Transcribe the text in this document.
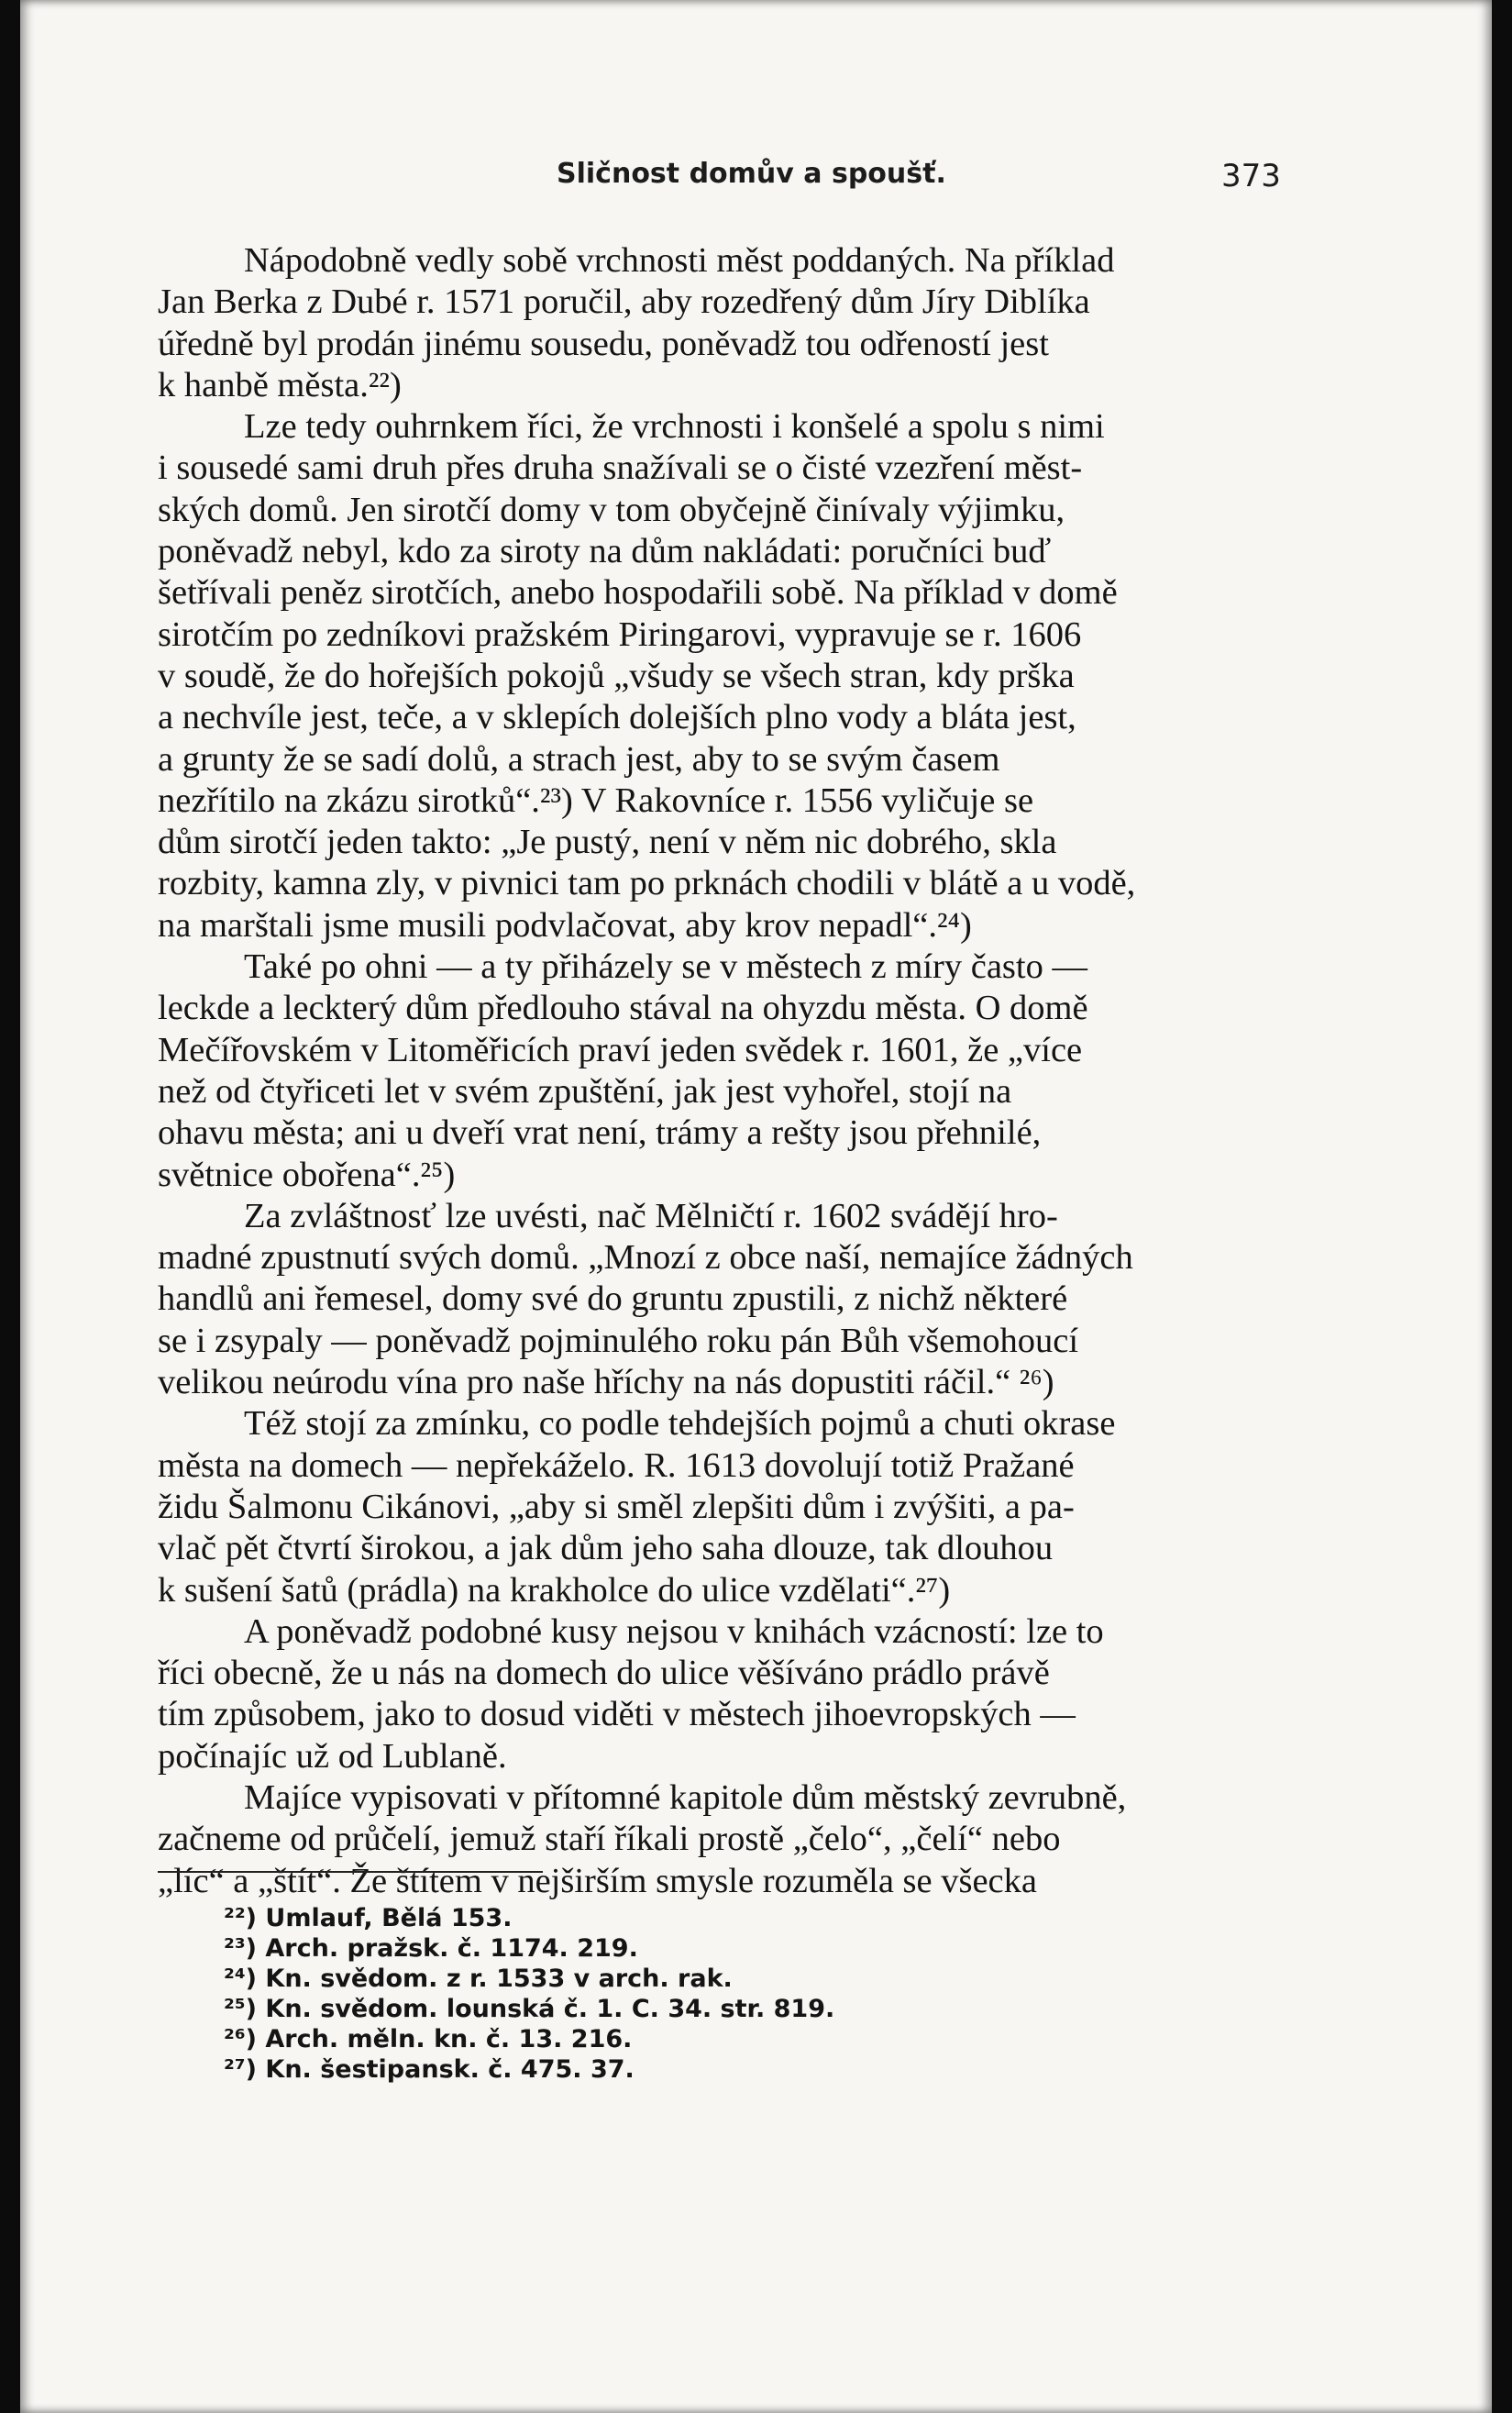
Sličnost domův a spoušť.	373

Nápodobně vedly sobě vrchnosti měst poddaných. Na příklad
Jan Berka z Dubé r. 1571 poručil, aby rozedřený dům Jíry Diblíka
úředně byl prodán jinému sousedu, poněvadž tou odřeností jest
k hanbě města.²²)

Lze tedy ouhrnkem říci, že vrchnosti i konšelé a spolu s nimi
i sousedé sami druh přes druha snažívali se o čisté vzezření měst-
ských domů. Jen sirotčí domy v tom obyčejně činívaly výjimku,
poněvadž nebyl, kdo za siroty na dům nakládati: poručníci buď
šetřívali peněz sirotčích, anebo hospodařili sobě. Na příklad v domě
sirotčím po zedníkovi pražském Piringarovi, vypravuje se r. 1606
v soudě, že do hořejších pokojů „všudy se všech stran, kdy prška
a nechvíle jest, teče, a v sklepích dolejších plno vody a bláta jest,
a grunty že se sadí dolů, a strach jest, aby to se svým časem
nezřítilo na zkázu sirotků“.²³) V Rakovníce r. 1556 vyličuje se
dům sirotčí jeden takto: „Je pustý, není v něm nic dobrého, skla
rozbity, kamna zly, v pivnici tam po prknách chodili v blátě a u vodě,
na marštali jsme musili podvlačovat, aby krov nepadl“.²⁴)

Také po ohni — a ty přiházely se v městech z míry často —
leckde a leckterý dům předlouho stával na ohyzdu města. O domě
Mečířovském v Litoměřicích praví jeden svědek r. 1601, že „více
než od čtyřiceti let v svém zpuštění, jak jest vyhořel, stojí na
ohavu města; ani u dveří vrat není, trámy a rešty jsou přehnilé,
světnice obořena“.²⁵)

Za zvláštnosť lze uvésti, nač Mělničtí r. 1602 svádějí hro-
madné zpustnutí svých domů. „Mnozí z obce naší, nemajíce žádných
handlů ani řemesel, domy své do gruntu zpustili, z nichž některé
se i zsypaly — poněvadž pojminulého roku pán Bůh všemohoucí
velikou neúrodu vína pro naše hříchy na nás dopustiti ráčil.“ ²⁶)

Též stojí za zmínku, co podle tehdejších pojmů a chuti okrase
města na domech — nepřekáželo. R. 1613 dovolují totiž Pražané
židu Šalmonu Cikánovi, „aby si směl zlepšiti dům i zvýšiti, a pa-
vlač pět čtvrtí širokou, a jak dům jeho saha dlouze, tak dlouhou
k sušení šatů (prádla) na krakholce do ulice vzdělati“.²⁷)

A poněvadž podobné kusy nejsou v knihách vzácností: lze to
říci obecně, že u nás na domech do ulice věšíváno prádlo právě
tím způsobem, jako to dosud viděti v městech jihoevropských —
počínajíc už od Lublaně.

Majíce vypisovati v přítomné kapitole dům městský zevrubně,
začneme od průčelí, jemuž staří říkali prostě „čelo“, „čelí“ nebo
„líc“ a „štít“. Že štítem v nejširším smysle rozuměla se všecka

²²) Umlauf, Bělá 153.
²³) Arch. pražsk. č. 1174. 219.
²⁴) Kn. svědom. z r. 1533 v arch. rak.
²⁵) Kn. svědom. lounská č. 1. C. 34. str. 819.
²⁶) Arch. měln. kn. č. 13. 216.
²⁷) Kn. šestipansk. č. 475. 37.
